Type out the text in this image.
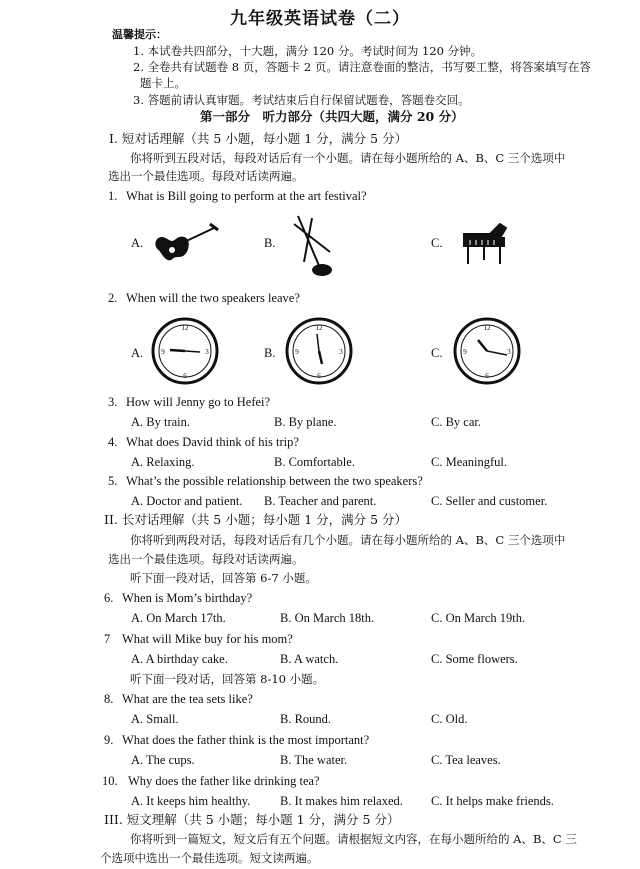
九年级英语试卷（二）
温馨提示：
1. 本试卷共四部分，十大题，满分 120 分。考试时间为 120 分钟。
2. 全卷共有试题卷 8 页，答题卡 2 页。请注意卷面的整洁，书写要工整，将答案填写在答
题卡上。
3. 答题前请认真审题。考试结束后自行保留试题卷，答题卷交回。
第一部分　听力部分（共四大题，满分 20 分）
I. 短对话理解（共 5 小题，每小题 1 分，满分 5 分）
你将听到五段对话，每段对话后有一个小题。请在每小题所给的 A、B、C 三个选项中
选出一个最佳选项。每段对话读两遍。
1. What is Bill going to perform at the art festival?
A.	B.	C.
2. When will the two speakers leave?
A.	B.	C.
12
3
6
9
12
3
6
9
12
3
6
9
3. How will Jenny go to Hefei?
A. By train.	B. By plane.	C. By car.
4. What does David think of his trip?
A. Relaxing.	B. Comfortable.	C. Meaningful.
5. What’s the possible relationship between the two speakers?
A. Doctor and patient. B. Teacher and parent.	C. Seller and customer.
II. 长对话理解（共 5 小题；每小题 1 分，满分 5 分）
你将听到两段对话，每段对话后有几个小题。请在每小题所给的 A、B、C 三个选项中
选出一个最佳选项。每段对话读两遍。
听下面一段对话，回答第 6-7 小题。
6. When is Mom’s birthday?
A. On March 17th.	B. On March 18th.	C. On March 19th.
7 What will Mike buy for his mom?
A. A birthday cake.	B. A watch.	C. Some flowers.
听下面一段对话，回答第 8-10 小题。
8. What are the tea sets like?
A. Small.	B. Round.	C. Old.
9. What does the father think is the most important?
A. The cups.	B. The water.	C. Tea leaves.
10. Why does the father like drinking tea?
A. It keeps him healthy. B. It makes him relaxed. C. It helps make friends.
III. 短文理解（共 5 小题；每小题 1 分，满分 5 分）
你将听到一篇短文，短文后有五个问题。请根据短文内容，在每小题所给的 A、B、C 三
个选项中选出一个最佳选项。短文读两遍。
